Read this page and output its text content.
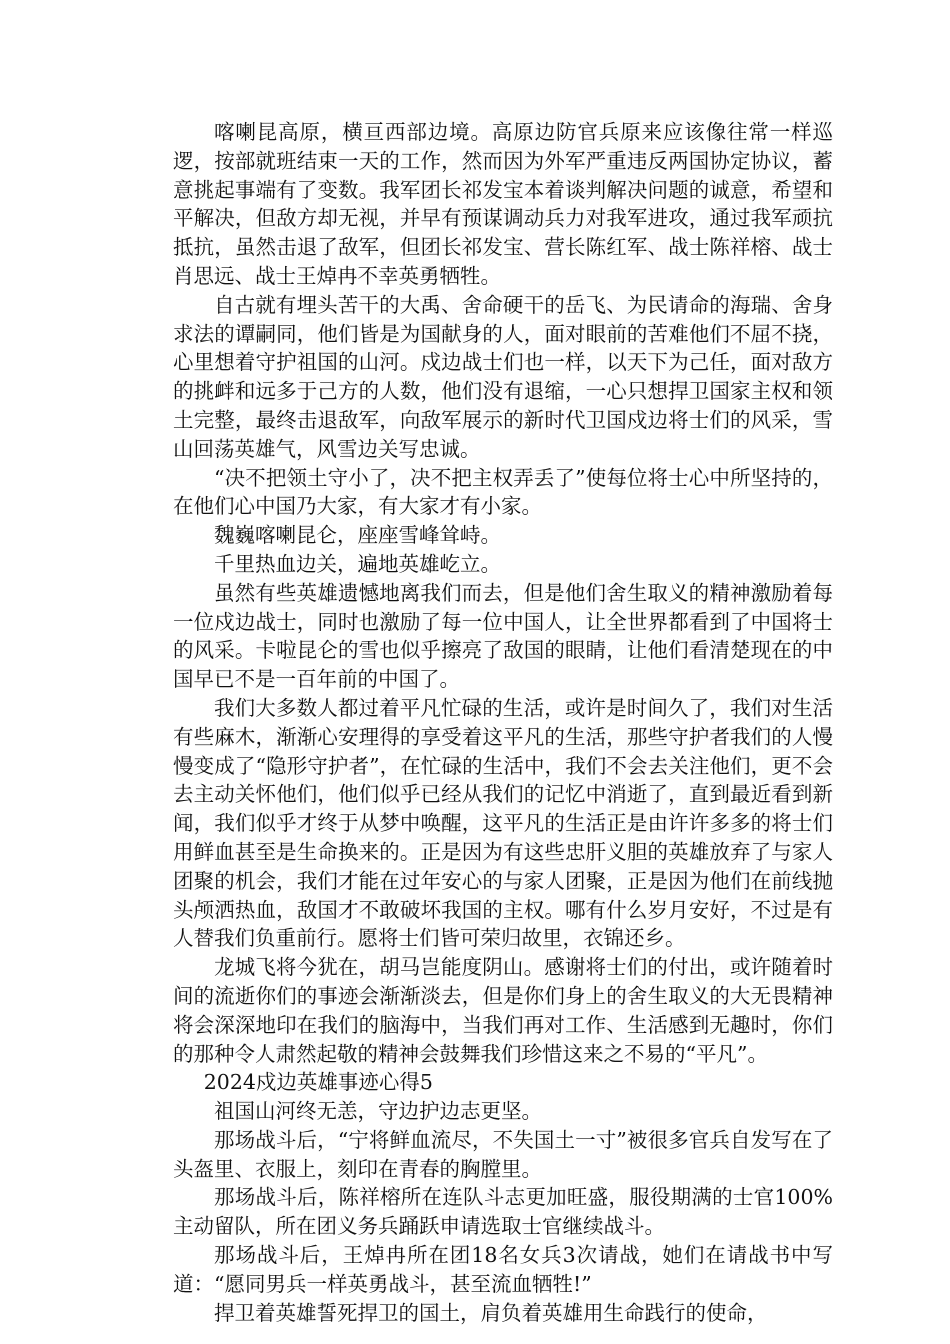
喀喇昆高原，横亘西部边境。高原边防官兵原来应该像往常一样巡逻，按部就班结束一天的工作，然而因为外军严重违反两国协定协议，蓄意挑起事端有了变数。我军团长祁发宝本着谈判解决问题的诚意，希望和平解决，但敌方却无视，并早有预谋调动兵力对我军进攻，通过我军顽抗抵抗，虽然击退了敌军，但团长祁发宝、营长陈红军、战士陈祥榕、战士肖思远、战士王焯冉不幸英勇牺牲。

自古就有埋头苦干的大禹、舍命硬干的岳飞、为民请命的海瑞、舍身求法的谭嗣同，他们皆是为国献身的人，面对眼前的苦难他们不屈不挠，心里想着守护祖国的山河。戍边战士们也一样，以天下为己任，面对敌方的挑衅和远多于己方的人数，他们没有退缩，一心只想捍卫国家主权和领土完整，最终击退敌军，向敌军展示的新时代卫国戍边将士们的风采，雪山回荡英雄气，风雪边关写忠诚。

“决不把领土守小了，决不把主权弄丢了”使每位将士心中所坚持的，在他们心中国乃大家，有大家才有小家。

魏巍喀喇昆仑，座座雪峰耸峙。

千里热血边关，遍地英雄屹立。

虽然有些英雄遗憾地离我们而去，但是他们舍生取义的精神激励着每一位戍边战士，同时也激励了每一位中国人，让全世界都看到了中国将士的风采。卡啦昆仑的雪也似乎擦亮了敌国的眼睛，让他们看清楚现在的中国早已不是一百年前的中国了。

我们大多数人都过着平凡忙碌的生活，或许是时间久了，我们对生活有些麻木，渐渐心安理得的享受着这平凡的生活，那些守护者我们的人慢慢变成了“隐形守护者”，在忙碌的生活中，我们不会去关注他们，更不会去主动关怀他们，他们似乎已经从我们的记忆中消逝了，直到最近看到新闻，我们似乎才终于从梦中唤醒，这平凡的生活正是由许许多多的将士们用鲜血甚至是生命换来的。正是因为有这些忠肝义胆的英雄放弃了与家人团聚的机会，我们才能在过年安心的与家人团聚，正是因为他们在前线抛头颅洒热血，敌国才不敢破坏我国的主权。哪有什么岁月安好，不过是有人替我们负重前行。愿将士们皆可荣归故里，衣锦还乡。

龙城飞将今犹在，胡马岂能度阴山。感谢将士们的付出，或许随着时间的流逝你们的事迹会渐渐淡去，但是你们身上的舍生取义的大无畏精神将会深深地印在我们的脑海中，当我们再对工作、生活感到无趣时，你们的那种令人肃然起敬的精神会鼓舞我们珍惜这来之不易的“平凡”。

2024戍边英雄事迹心得5

祖国山河终无恙，守边护边志更坚。

那场战斗后，“宁将鲜血流尽，不失国土一寸”被很多官兵自发写在了头盔里、衣服上，刻印在青春的胸膛里。

那场战斗后，陈祥榕所在连队斗志更加旺盛，服役期满的士官100%主动留队，所在团义务兵踊跃申请选取士官继续战斗。

那场战斗后，王焯冉所在团18名女兵3次请战，她们在请战书中写道：“愿同男兵一样英勇战斗，甚至流血牺牲!”

捍卫着英雄誓死捍卫的国土，肩负着英雄用生命践行的使命，
